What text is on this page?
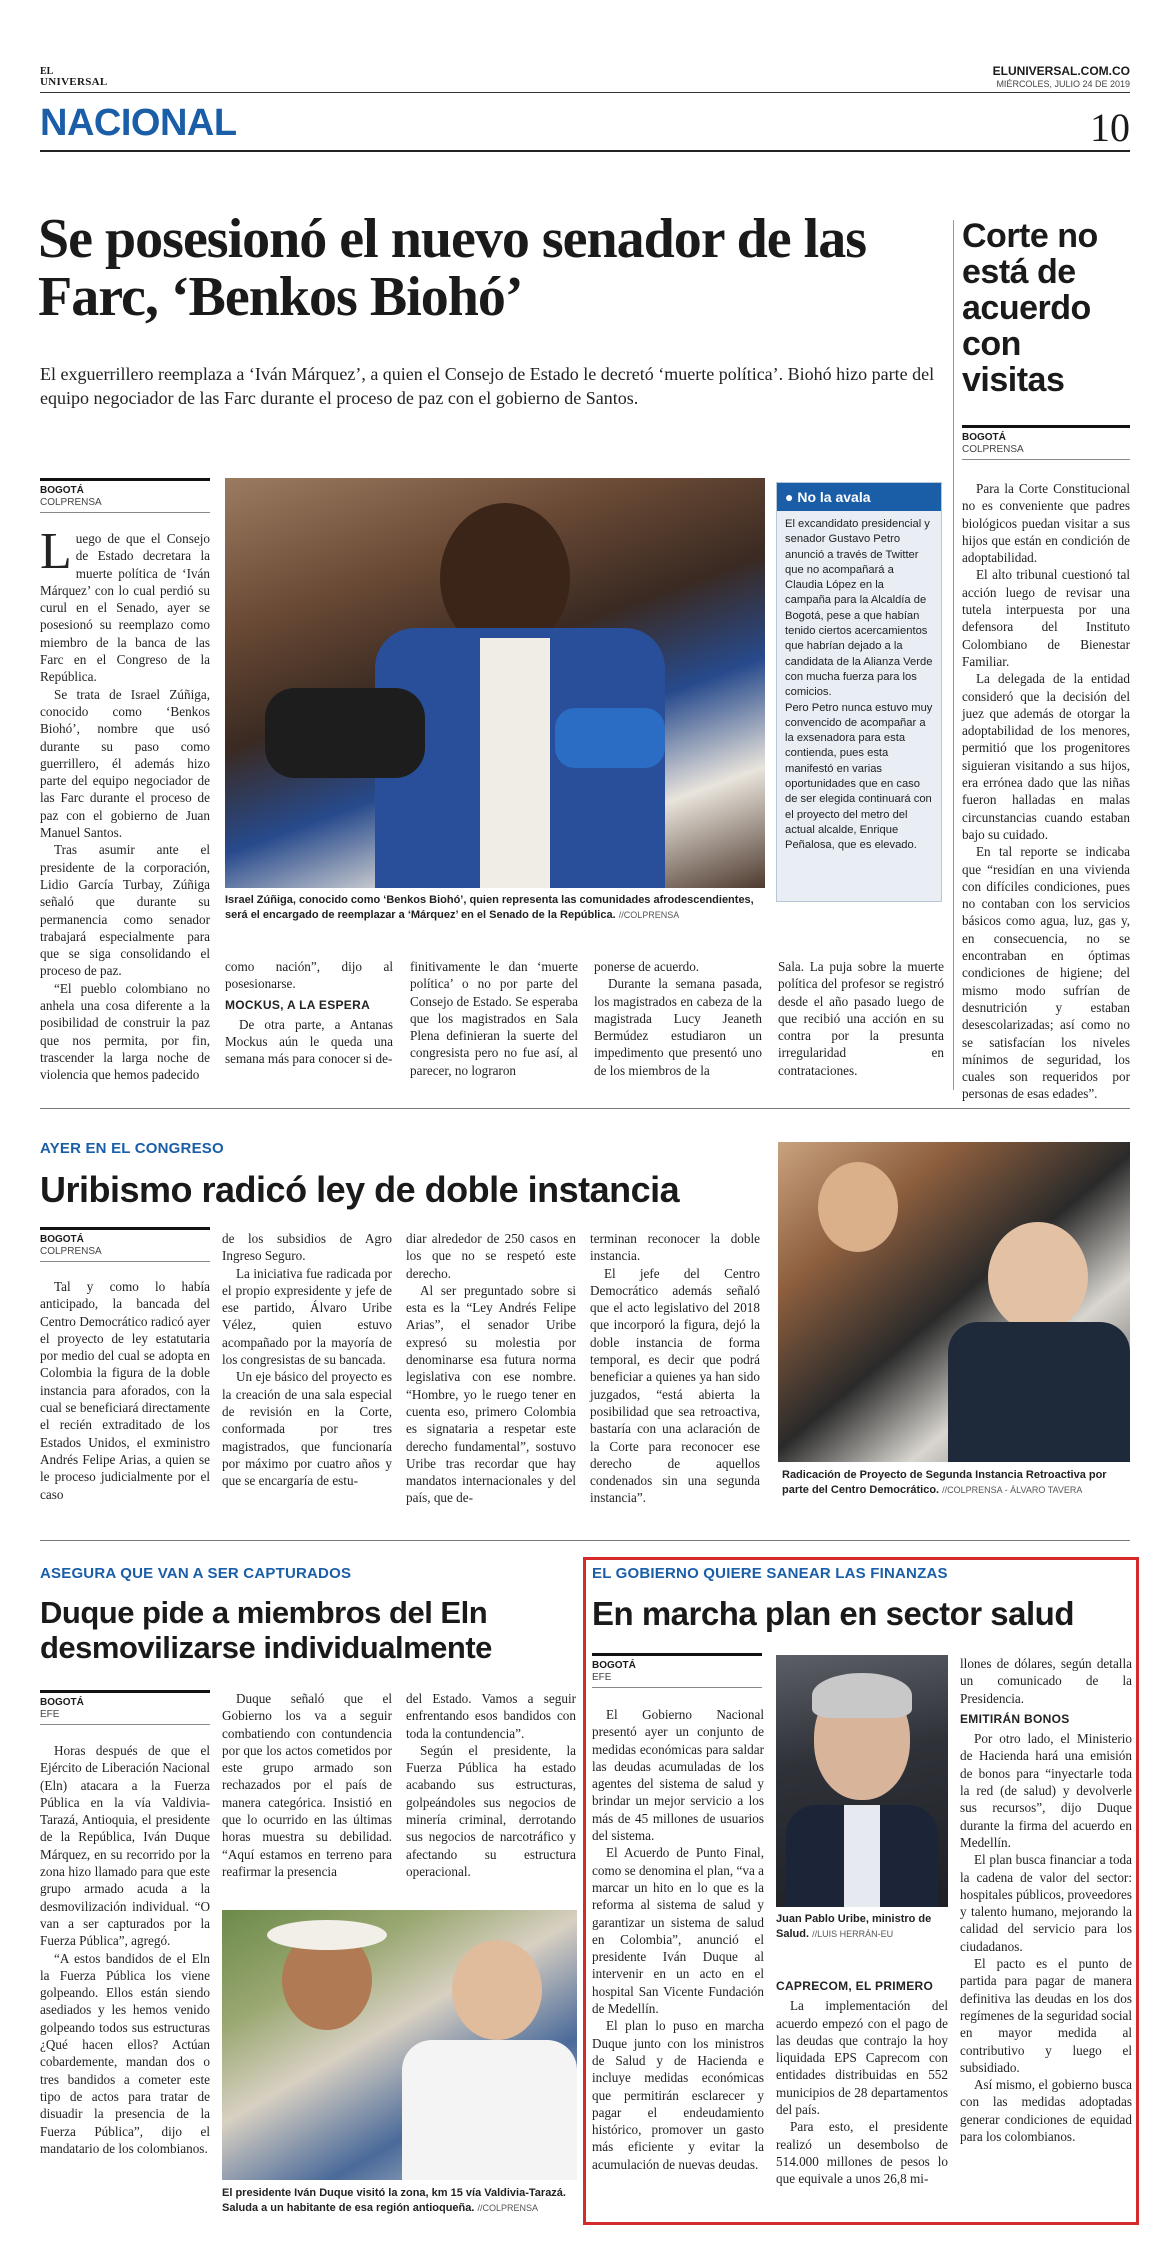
EL
UNIVERSAL
ELUNIVERSAL.COM.CO
MIÉRCOLES, JULIO 24 DE 2019
NACIONAL	10
Se posesionó el nuevo senador de las Farc, ‘Benkos Biohó’
El exguerrillero reemplaza a ‘Iván Márquez’, a quien el Consejo de Estado le decretó ‘muerte política’. Biohó hizo parte del equipo negociador de las Farc durante el proceso de paz con el gobierno de Santos.
BOGOTÁ
COLPRENSA

Luego de que el Consejo de Estado decretara la muerte política de ‘Iván Márquez’ con lo cual perdió su curul en el Senado, ayer se posesionó su reemplazo como miembro de la banca de las Farc en el Congreso de la República.

Se trata de Israel Zúñiga, conocido como ‘Benkos Biohó’, nombre que usó durante su paso como guerrillero, él además hizo parte del equipo negociador de las Farc durante el proceso de paz con el gobierno de Juan Manuel Santos.

Tras asumir ante el presidente de la corporación, Lidio García Turbay, Zúñiga señaló que durante su permanencia como senador trabajará especialmente para que se siga consolidando el proceso de paz.

“El pueblo colombiano no anhela una cosa diferente a la posibilidad de construir la paz que nos permita, por fin, trascender la larga noche de violencia que hemos padecido

Israel Zúñiga, conocido como ‘Benkos Biohó’, quien representa las comunidades afrodescendientes, será el encargado de reemplazar a ‘Márquez’ en el Senado de la República. //COLPRENSA
● No la avala

El excandidato presidencial y senador Gustavo Petro anunció a través de Twitter que no acompañará a Claudia López en la campaña para la Alcaldía de Bogotá, pese a que habían tenido ciertos acercamientos que habrían dejado a la candidata de la Alianza Verde con mucha fuerza para los comicios.

Pero Petro nunca estuvo muy convencido de acompañar a la exsenadora para esta contienda, pues esta manifestó en varias oportunidades que en caso de ser elegida continuará con el proyecto del metro del actual alcalde, Enrique Peñalosa, que es elevado.

como nación”, dijo al posesionarse.

MOCKUS, A LA ESPERA

De otra parte, a Antanas Mockus aún le queda una semana más para conocer si de-

finitivamente le dan ‘muerte política’ o no por parte del Consejo de Estado. Se esperaba que los magistrados en Sala Plena definieran la suerte del congresista pero no fue así, al parecer, no lograron

ponerse de acuerdo.

Durante la semana pasada, los magistrados en cabeza de la magistrada Lucy Jeaneth Bermúdez estudiaron un impedimento que presentó uno de los miembros de la

Sala. La puja sobre la muerte política del profesor se registró desde el año pasado luego de que recibió una acción en su contra por la presunta irregularidad en contrataciones.

Corte no está de acuerdo con visitas
BOGOTÁ
COLPRENSA

Para la Corte Constitucional no es conveniente que padres biológicos puedan visitar a sus hijos que están en condición de adoptabilidad.

El alto tribunal cuestionó tal acción luego de revisar una tutela interpuesta por una defensora del Instituto Colombiano de Bienestar Familiar.

La delegada de la entidad consideró que la decisión del juez que además de otorgar la adoptabilidad de los menores, permitió que los progenitores siguieran visitando a sus hijos, era errónea dado que las niñas fueron halladas en malas circunstancias cuando estaban bajo su cuidado.

En tal reporte se indicaba que “residían en una vivienda con difíciles condiciones, pues no contaban con los servicios básicos como agua, luz, gas y, en consecuencia, no se encontraban en óptimas condiciones de higiene; del mismo modo sufrían de desnutrición y estaban desescolarizadas; así como no se satisfacían los niveles mínimos de seguridad, los cuales son requeridos por personas de esas edades”.

AYER EN EL CONGRESO
Uribismo radicó ley de doble instancia
BOGOTÁ
COLPRENSA

Tal y como lo había anticipado, la bancada del Centro Democrático radicó ayer el proyecto de ley estatutaria por medio del cual se adopta en Colombia la figura de la doble instancia para aforados, con la cual se beneficiará directamente el recién extraditado de los Estados Unidos, el exministro Andrés Felipe Arias, a quien se le proceso judicialmente por el caso

de los subsidios de Agro Ingreso Seguro.

La iniciativa fue radicada por el propio expresidente y jefe de ese partido, Álvaro Uribe Vélez, quien estuvo acompañado por la mayoría de los congresistas de su bancada.

Un eje básico del proyecto es la creación de una sala especial de revisión en la Corte, conformada por tres magistrados, que funcionaría por máximo por cuatro años y que se encargaría de estu-

diar alrededor de 250 casos en los que no se respetó este derecho.

Al ser preguntado sobre si esta es la “Ley Andrés Felipe Arias”, el senador Uribe expresó su molestia por denominarse esa futura norma legislativa con ese nombre. “Hombre, yo le ruego tener en cuenta eso, primero Colombia es signataria a respetar este derecho fundamental”, sostuvo Uribe tras recordar que hay mandatos internacionales y del país, que de-

terminan reconocer la doble instancia.

El jefe del Centro Democrático además señaló que el acto legislativo del 2018 que incorporó la figura, dejó la doble instancia de forma temporal, es decir que podrá beneficiar a quienes ya han sido juzgados, “está abierta la posibilidad que sea retroactiva, bastaría con una aclaración de la Corte para reconocer ese derecho de aquellos condenados sin una segunda instancia”.

Radicación de Proyecto de Segunda Instancia Retroactiva por parte del Centro Democrático. //COLPRENSA - ÁLVARO TAVERA
ASEGURA QUE VAN A SER CAPTURADOS
Duque pide a miembros del Eln desmovilizarse individualmente
BOGOTÁ
EFE

Horas después de que el Ejército de Liberación Nacional (Eln) atacara a la Fuerza Pública en la vía Valdivia-Tarazá, Antioquia, el presidente de la República, Iván Duque Márquez, en su recorrido por la zona hizo llamado para que este grupo armado acuda a la desmovilización individual. “O van a ser capturados por la Fuerza Pública”, agregó.

“A estos bandidos de el Eln la Fuerza Pública los viene golpeando. Ellos están siendo asediados y les hemos venido golpeando todos sus estructuras ¿Qué hacen ellos? Actúan cobardemente, mandan dos o tres bandidos a cometer este tipo de actos para tratar de disuadir la presencia de la Fuerza Pública”, dijo el mandatario de los colombianos.

Duque señaló que el Gobierno los va a seguir combatiendo con contundencia por que los actos cometidos por este grupo armado son rechazados por el país de manera categórica. Insistió en que lo ocurrido en las últimas horas muestra su debilidad. “Aquí estamos en terreno para reafirmar la presencia

del Estado. Vamos a seguir enfrentando esos bandidos con toda la contundencia”.

Según el presidente, la Fuerza Pública ha estado acabando sus estructuras, golpeándoles sus negocios de minería criminal, derrotando sus negocios de narcotráfico y afectando su estructura operacional.

El presidente Iván Duque visitó la zona, km 15 vía Valdivia-Tarazá. Saluda a un habitante de esa región antioqueña. //COLPRENSA
EL GOBIERNO QUIERE SANEAR LAS FINANZAS
En marcha plan en sector salud
BOGOTÁ
EFE

El Gobierno Nacional presentó ayer un conjunto de medidas económicas para saldar las deudas acumuladas de los agentes del sistema de salud y brindar un mejor servicio a los más de 45 millones de usuarios del sistema.

El Acuerdo de Punto Final, como se denomina el plan, “va a marcar un hito en lo que es la reforma al sistema de salud y garantizar un sistema de salud en Colombia”, anunció el presidente Iván Duque al intervenir en un acto en el hospital San Vicente Fundación de Medellín.

El plan lo puso en marcha Duque junto con los ministros de Salud y de Hacienda e incluye medidas económicas que permitirán esclarecer y pagar el endeudamiento histórico, promover un gasto más eficiente y evitar la acumulación de nuevas deudas.

Juan Pablo Uribe, ministro de Salud. //LUIS HERRÁN-EU
CAPRECOM, EL PRIMERO

La implementación del acuerdo empezó con el pago de las deudas que contrajo la hoy liquidada EPS Caprecom con entidades distribuidas en 552 municipios de 28 departamentos del país.

Para esto, el presidente realizó un desembolso de 514.000 millones de pesos lo que equivale a unos 26,8 mi-

llones de dólares, según detalla un comunicado de la Presidencia.

EMITIRÁN BONOS

Por otro lado, el Ministerio de Hacienda hará una emisión de bonos para “inyectarle toda la red (de salud) y devolverle sus recursos”, dijo Duque durante la firma del acuerdo en Medellín.

El plan busca financiar a toda la cadena de valor del sector: hospitales públicos, proveedores y talento humano, mejorando la calidad del servicio para los ciudadanos.

El pacto es el punto de partida para pagar de manera definitiva las deudas en los dos regímenes de la seguridad social en mayor medida al contributivo y luego el subsidiado.

Así mismo, el gobierno busca con las medidas adoptadas generar condiciones de equidad para los colombianos.
